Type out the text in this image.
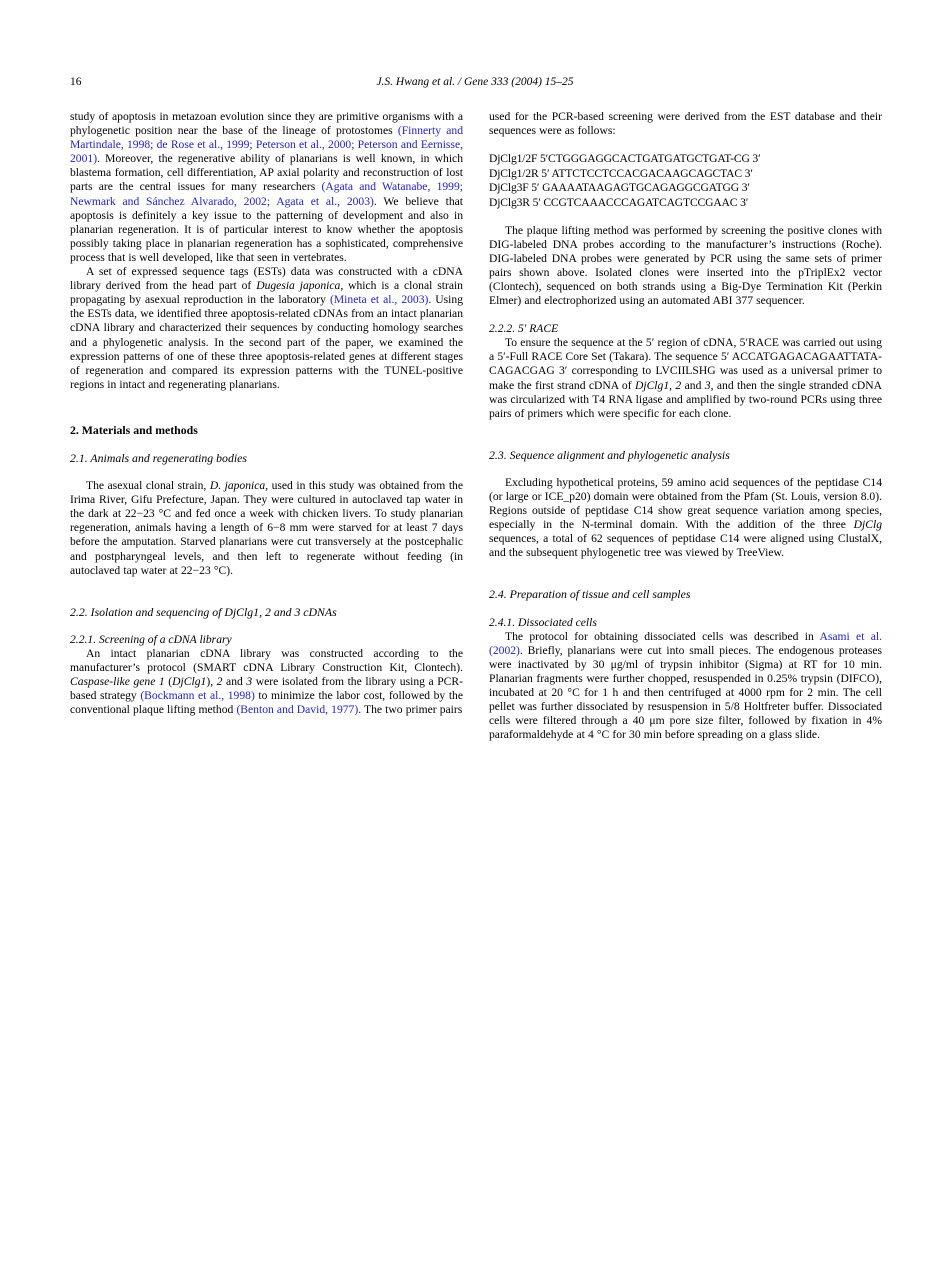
16	J.S. Hwang et al. / Gene 333 (2004) 15–25

study of apoptosis in metazoan evolution since they are primitive organisms with a phylogenetic position near the base of the lineage of protostomes (Finnerty and Martindale, 1998; de Rose et al., 1999; Peterson et al., 2000; Peterson and Eernisse, 2001). Moreover, the regenerative ability of planarians is well known, in which blastema formation, cell differentiation, AP axial polarity and reconstruction of lost parts are the central issues for many researchers (Agata and Watanabe, 1999; Newmark and Sánchez Alvarado, 2002; Agata et al., 2003). We believe that apoptosis is definitely a key issue to the patterning of development and also in planarian regeneration. It is of particular interest to know whether the apoptosis possibly taking place in planarian regeneration has a sophisticated, comprehensive process that is well developed, like that seen in vertebrates.

A set of expressed sequence tags (ESTs) data was constructed with a cDNA library derived from the head part of Dugesia japonica, which is a clonal strain propagating by asexual reproduction in the laboratory (Mineta et al., 2003). Using the ESTs data, we identified three apoptosis-related cDNAs from an intact planarian cDNA library and characterized their sequences by conducting homology searches and a phylogenetic analysis. In the second part of the paper, we examined the expression patterns of one of these three apoptosis-related genes at different stages of regeneration and compared its expression patterns with the TUNEL-positive regions in intact and regenerating planarians.

2. Materials and methods
2.1. Animals and regenerating bodies

The asexual clonal strain, D. japonica, used in this study was obtained from the Irima River, Gifu Prefecture, Japan. They were cultured in autoclaved tap water in the dark at 22−23 °C and fed once a week with chicken livers. To study planarian regeneration, animals having a length of 6−8 mm were starved for at least 7 days before the amputation. Starved planarians were cut transversely at the postcephalic and postpharyngeal levels, and then left to regenerate without feeding (in autoclaved tap water at 22−23 °C).

2.2. Isolation and sequencing of DjClg1, 2 and 3 cDNAs
2.2.1. Screening of a cDNA library

An intact planarian cDNA library was constructed according to the manufacturer’s protocol (SMART cDNA Library Construction Kit, Clontech). Caspase-like gene 1 (DjClg1), 2 and 3 were isolated from the library using a PCR-based strategy (Bockmann et al., 1998) to minimize the labor cost, followed by the conventional plaque lifting method (Benton and David, 1977). The two primer pairs

used for the PCR-based screening were derived from the EST database and their sequences were as follows:

DjClg1/2F 5′CTGGGAGGCACTGATGATGCTGAT-CG 3′
DjClg1/2R 5′ ATTCTCCTCCACGACAAGCAGCTAC 3′
DjClg3F 5′ GAAAATAAGAGTGCAGAGGCGATGG 3′
DjClg3R 5′ CCGTCAAACCCAGATCAGTCCGAAC 3′

The plaque lifting method was performed by screening the positive clones with DIG-labeled DNA probes according to the manufacturer’s instructions (Roche). DIG-labeled DNA probes were generated by PCR using the same sets of primer pairs shown above. Isolated clones were inserted into the pTriplEx2 vector (Clontech), sequenced on both strands using a Big-Dye Termination Kit (Perkin Elmer) and electrophorized using an automated ABI 377 sequencer.

2.2.2. 5′ RACE

To ensure the sequence at the 5′ region of cDNA, 5′RACE was carried out using a 5′-Full RACE Core Set (Takara). The sequence 5′ ACCATGAGACAGAATTATA-CAGACGAG 3′ corresponding to LVCIILSHG was used as a universal primer to make the first strand cDNA of DjClg1, 2 and 3, and then the single stranded cDNA was circularized with T4 RNA ligase and amplified by two-round PCRs using three pairs of primers which were specific for each clone.

2.3. Sequence alignment and phylogenetic analysis

Excluding hypothetical proteins, 59 amino acid sequences of the peptidase C14 (or large or ICE_p20) domain were obtained from the Pfam (St. Louis, version 8.0). Regions outside of peptidase C14 show great sequence variation among species, especially in the N-terminal domain. With the addition of the three DjClg sequences, a total of 62 sequences of peptidase C14 were aligned using ClustalX, and the subsequent phylogenetic tree was viewed by TreeView.

2.4. Preparation of tissue and cell samples
2.4.1. Dissociated cells

The protocol for obtaining dissociated cells was described in Asami et al. (2002). Briefly, planarians were cut into small pieces. The endogenous proteases were inactivated by 30 μg/ml of trypsin inhibitor (Sigma) at RT for 10 min. Planarian fragments were further chopped, resuspended in 0.25% trypsin (DIFCO), incubated at 20 °C for 1 h and then centrifuged at 4000 rpm for 2 min. The cell pellet was further dissociated by resuspension in 5/8 Holtfreter buffer. Dissociated cells were filtered through a 40 μm pore size filter, followed by fixation in 4% paraformaldehyde at 4 °C for 30 min before spreading on a glass slide.
